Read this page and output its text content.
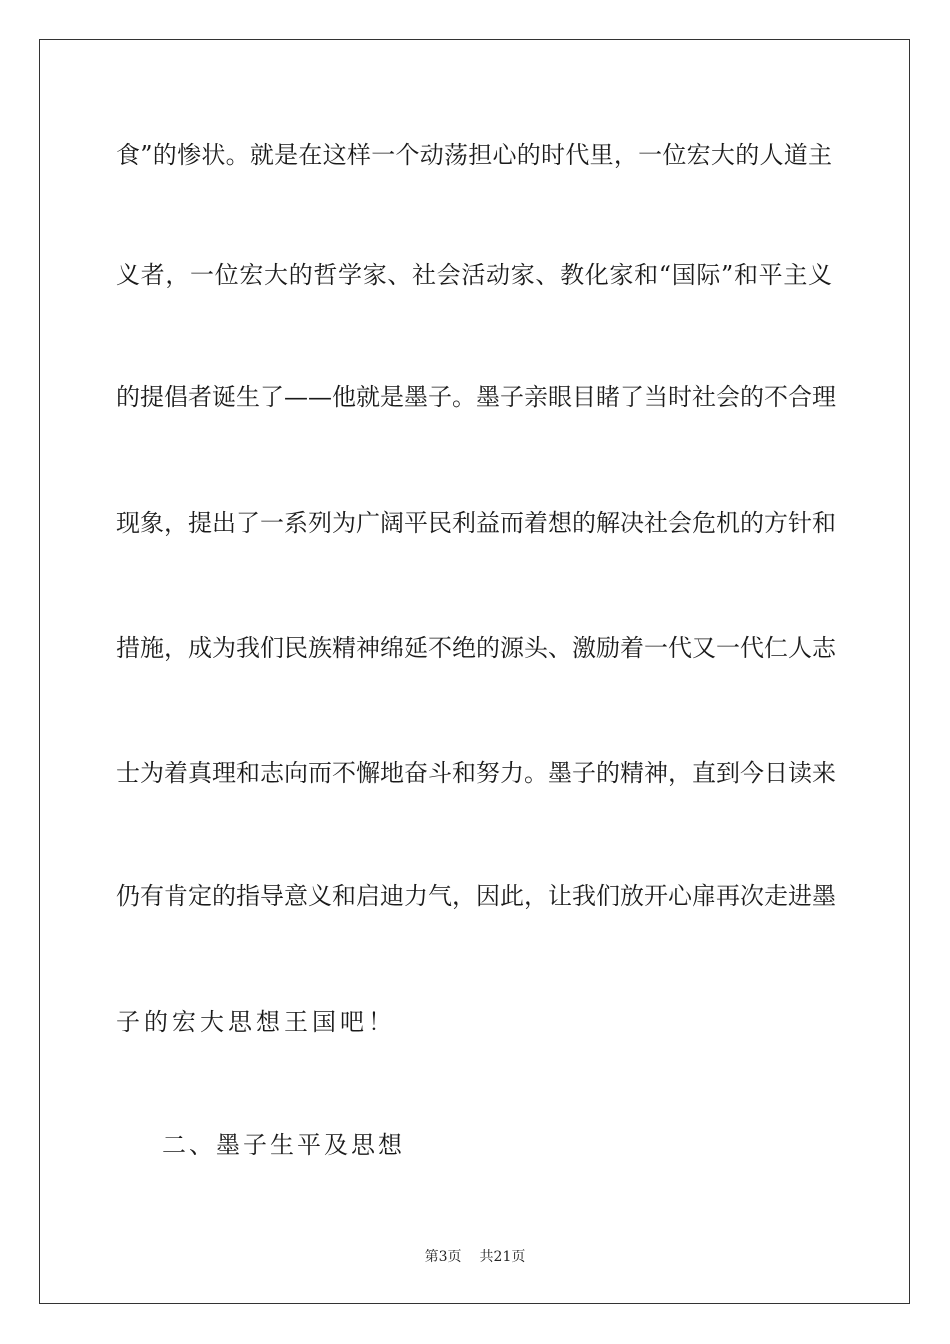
食”的惨状。就是在这样一个动荡担心的时代里，一位宏大的人道主
义者，一位宏大的哲学家、社会活动家、教化家和“国际”和平主义
的提倡者诞生了——他就是墨子。墨子亲眼目睹了当时社会的不合理
现象，提出了一系列为广阔平民利益而着想的解决社会危机的方针和
措施，成为我们民族精神绵延不绝的源头、激励着一代又一代仁人志
士为着真理和志向而不懈地奋斗和努力。墨子的精神，直到今日读来
仍有肯定的指导意义和启迪力气，因此，让我们放开心扉再次走进墨
子的宏大思想王国吧！
二、墨子生平及思想
第3页 共21页
